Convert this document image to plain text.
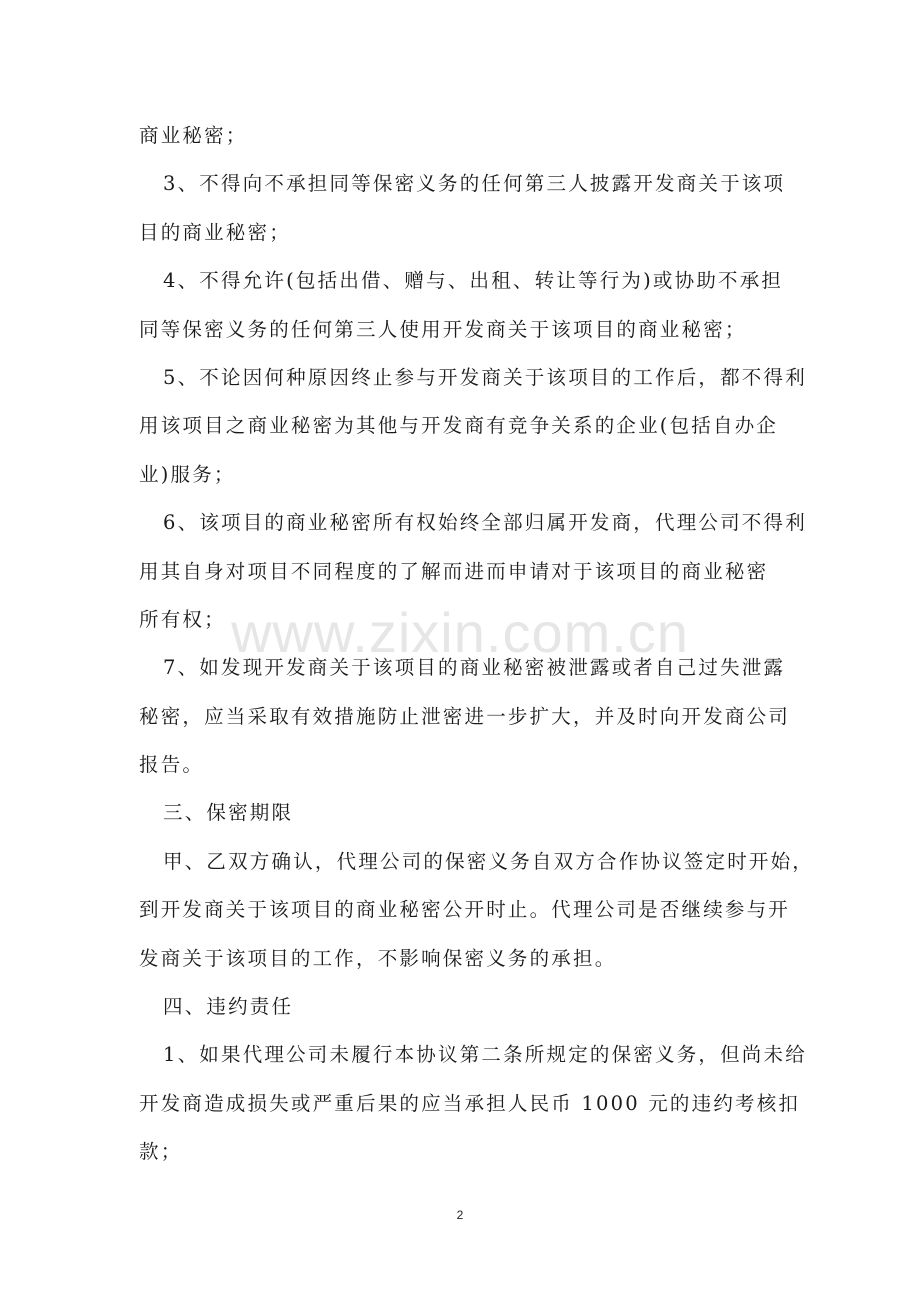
www.zixin.com.cn
商业秘密；
3、不得向不承担同等保密义务的任何第三人披露开发商关于该项
目的商业秘密；
4、不得允许(包括出借、赠与、出租、转让等行为)或协助不承担
同等保密义务的任何第三人使用开发商关于该项目的商业秘密；
5、不论因何种原因终止参与开发商关于该项目的工作后，都不得利
用该项目之商业秘密为其他与开发商有竞争关系的企业(包括自办企
业)服务；
6、该项目的商业秘密所有权始终全部归属开发商，代理公司不得利
用其自身对项目不同程度的了解而进而申请对于该项目的商业秘密
所有权；
7、如发现开发商关于该项目的商业秘密被泄露或者自己过失泄露
秘密，应当采取有效措施防止泄密进一步扩大，并及时向开发商公司
报告。
三、保密期限
甲、乙双方确认，代理公司的保密义务自双方合作协议签定时开始，
到开发商关于该项目的商业秘密公开时止。代理公司是否继续参与开
发商关于该项目的工作，不影响保密义务的承担。
四、违约责任
1、如果代理公司未履行本协议第二条所规定的保密义务，但尚未给
开发商造成损失或严重后果的应当承担人民币 1000 元的违约考核扣
款；
2
